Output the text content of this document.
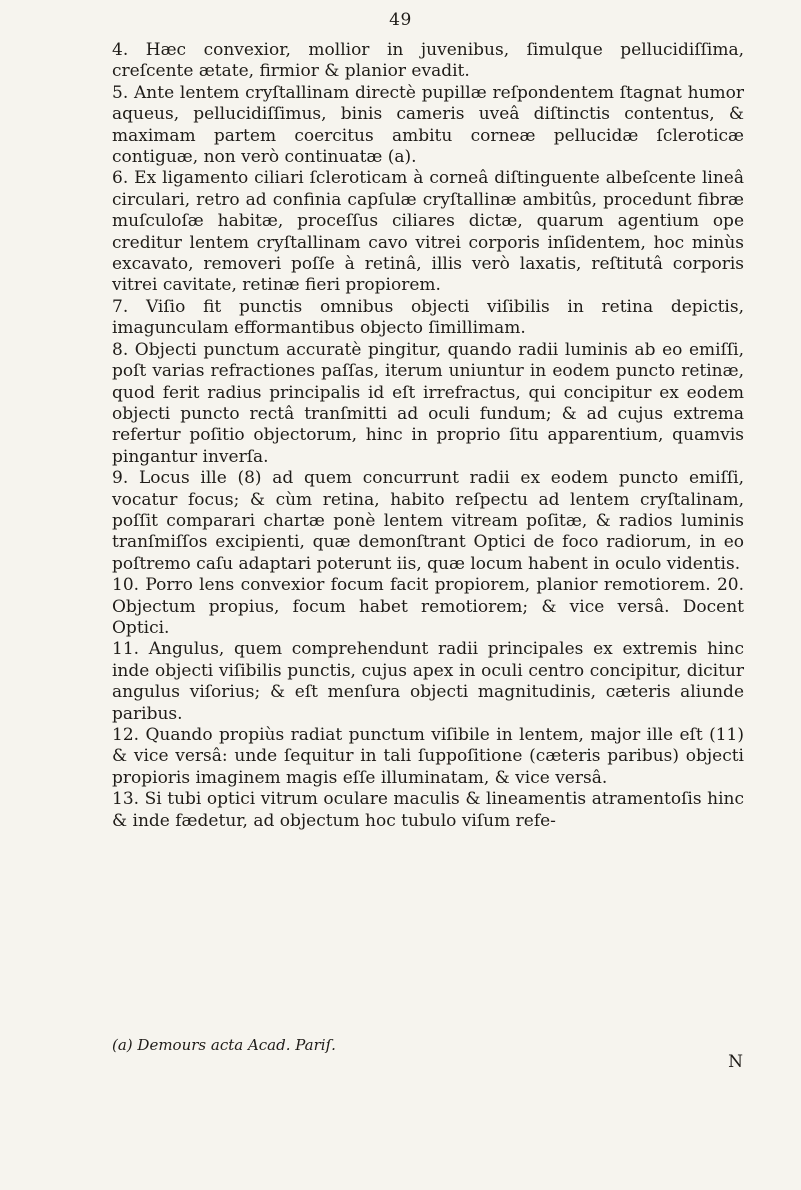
49

4. Hæc convexior, mollior in juvenibus, ſimulque pellucidiſſima, creſcente ætate, firmior & planior evadit.

5. Ante lentem cryſtallinam directè pupillæ reſpondentem ſtagnat humor aqueus, pellucidiſſimus, binis cameris uveâ diſtinctis contentus, & maximam partem coercitus ambitu corneæ pellucidæ ſcleroticæ contiguæ, non verò continuatæ (a).

6. Ex ligamento ciliari ſcleroticam à corneâ diſtinguente albeſcente lineâ circulari, retro ad confinia capſulæ cryſtallinæ ambitûs, procedunt fibræ muſculoſæ habitæ, proceſſus ciliares dictæ, quarum agentium ope creditur lentem cryſtallinam cavo vitrei corporis inſidentem, hoc minùs excavato, removeri poſſe à retinâ, illis verò laxatis, reſtitutâ corporis vitrei cavitate, retinæ fieri propiorem.

7. Viſio fit punctis omnibus objecti viſibilis in retina depictis, imagunculam efformantibus objecto ſimillimam.

8. Objecti punctum accuratè pingitur, quando radii luminis ab eo emiſſi, poſt varias refractiones paſſas, iterum uniuntur in eodem puncto retinæ, quod ferit radius principalis id eſt irrefractus, qui concipitur ex eodem objecti puncto rectâ tranſmitti ad oculi fundum; & ad cujus extrema refertur poſitio objectorum, hinc in proprio ſitu apparentium, quamvis pingantur inverſa.

9. Locus ille (8) ad quem concurrunt radii ex eodem puncto emiſſi, vocatur focus; & cùm retina, habito reſpectu ad lentem cryſtalinam, poſſit comparari chartæ ponè lentem vitream poſitæ, & radios luminis tranſmiſſos excipienti, quæ demonſtrant Optici de foco radiorum, in eo poſtremo caſu adaptari poterunt iis, quæ locum habent in oculo videntis.

10. Porro lens convexior focum facit propiorem, planior remotiorem. 20. Objectum propius, focum habet remotiorem; & vice versâ. Docent Optici.

11. Angulus, quem comprehendunt radii principales ex extremis hinc inde objecti viſibilis punctis, cujus apex in oculi centro concipitur, dicitur angulus viſorius; & eſt menſura objecti magnitudinis, cæteris aliunde paribus.

12. Quando propiùs radiat punctum viſibile in lentem, major ille eſt (11) & vice versâ: unde ſequitur in tali ſuppoſitione (cæteris paribus) objecti propioris imaginem magis eſſe illuminatam, & vice versâ.

13. Si tubi optici vitrum oculare maculis & lineamentis atramentoſis hinc & inde fædetur, ad objectum hoc tubulo viſum refe-

(a) Demours acta Acad. Pariſ.
N
